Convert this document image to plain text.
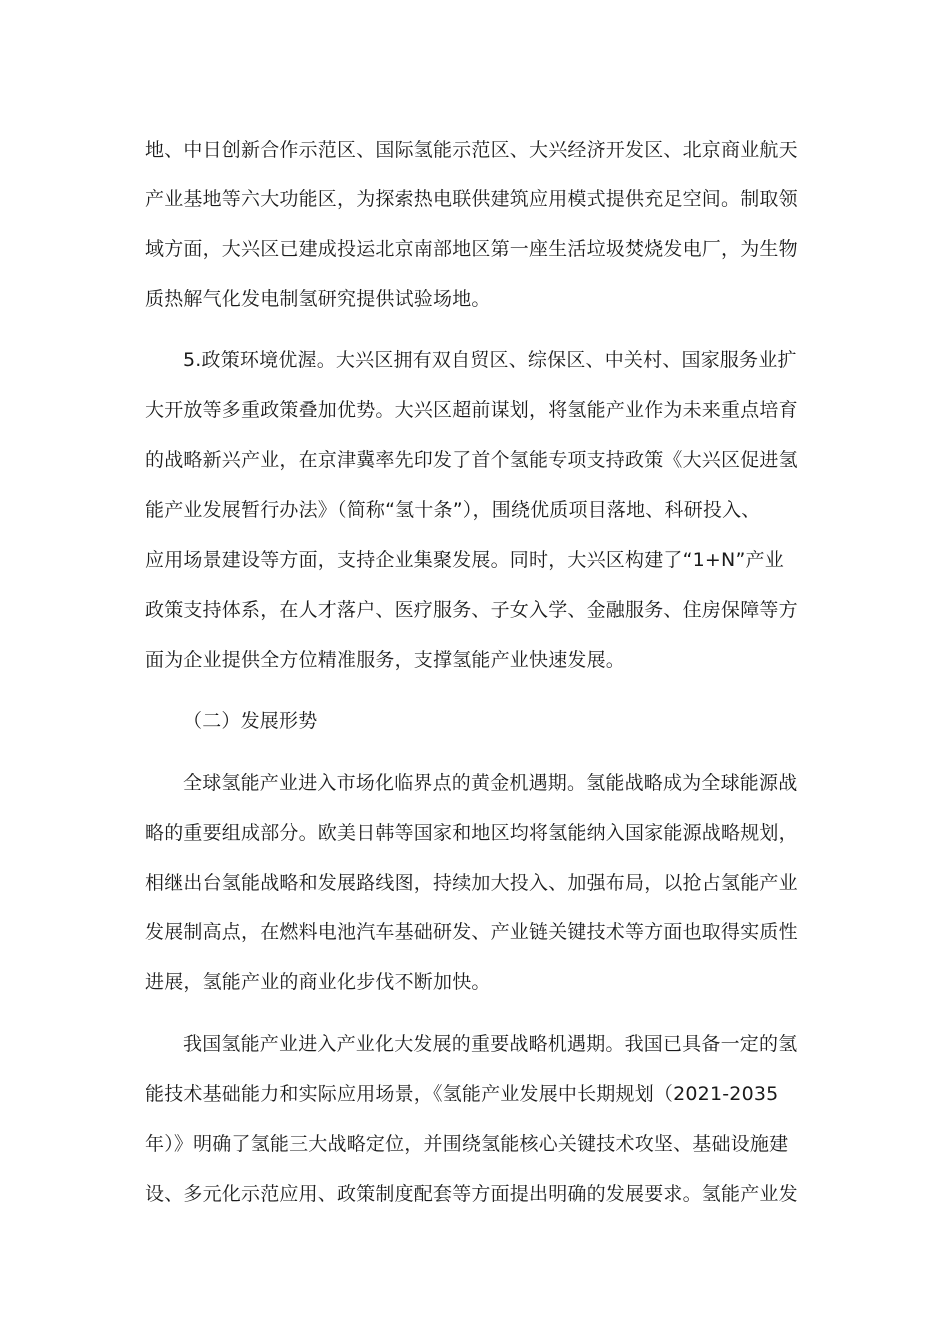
地、中日创新合作示范区、国际氢能示范区、大兴经济开发区、北京商业航天
产业基地等六大功能区，为探索热电联供建筑应用模式提供充足空间。制取领
域方面，大兴区已建成投运北京南部地区第一座生活垃圾焚烧发电厂，为生物
质热解气化发电制氢研究提供试验场地。
5.政策环境优渥。大兴区拥有双自贸区、综保区、中关村、国家服务业扩
大开放等多重政策叠加优势。大兴区超前谋划，将氢能产业作为未来重点培育
的战略新兴产业，在京津冀率先印发了首个氢能专项支持政策《大兴区促进氢
能产业发展暂行办法》（简称“氢十条”），围绕优质项目落地、科研投入、
应用场景建设等方面，支持企业集聚发展。同时，大兴区构建了“1+N”产业
政策支持体系，在人才落户、医疗服务、子女入学、金融服务、住房保障等方
面为企业提供全方位精准服务，支撑氢能产业快速发展。
（二）发展形势
全球氢能产业进入市场化临界点的黄金机遇期。氢能战略成为全球能源战
略的重要组成部分。欧美日韩等国家和地区均将氢能纳入国家能源战略规划，
相继出台氢能战略和发展路线图，持续加大投入、加强布局，以抢占氢能产业
发展制高点，在燃料电池汽车基础研发、产业链关键技术等方面也取得实质性
进展，氢能产业的商业化步伐不断加快。
我国氢能产业进入产业化大发展的重要战略机遇期。我国已具备一定的氢
能技术基础能力和实际应用场景，《氢能产业发展中长期规划（2021-2035
年）》明确了氢能三大战略定位，并围绕氢能核心关键技术攻坚、基础设施建
设、多元化示范应用、政策制度配套等方面提出明确的发展要求。氢能产业发
